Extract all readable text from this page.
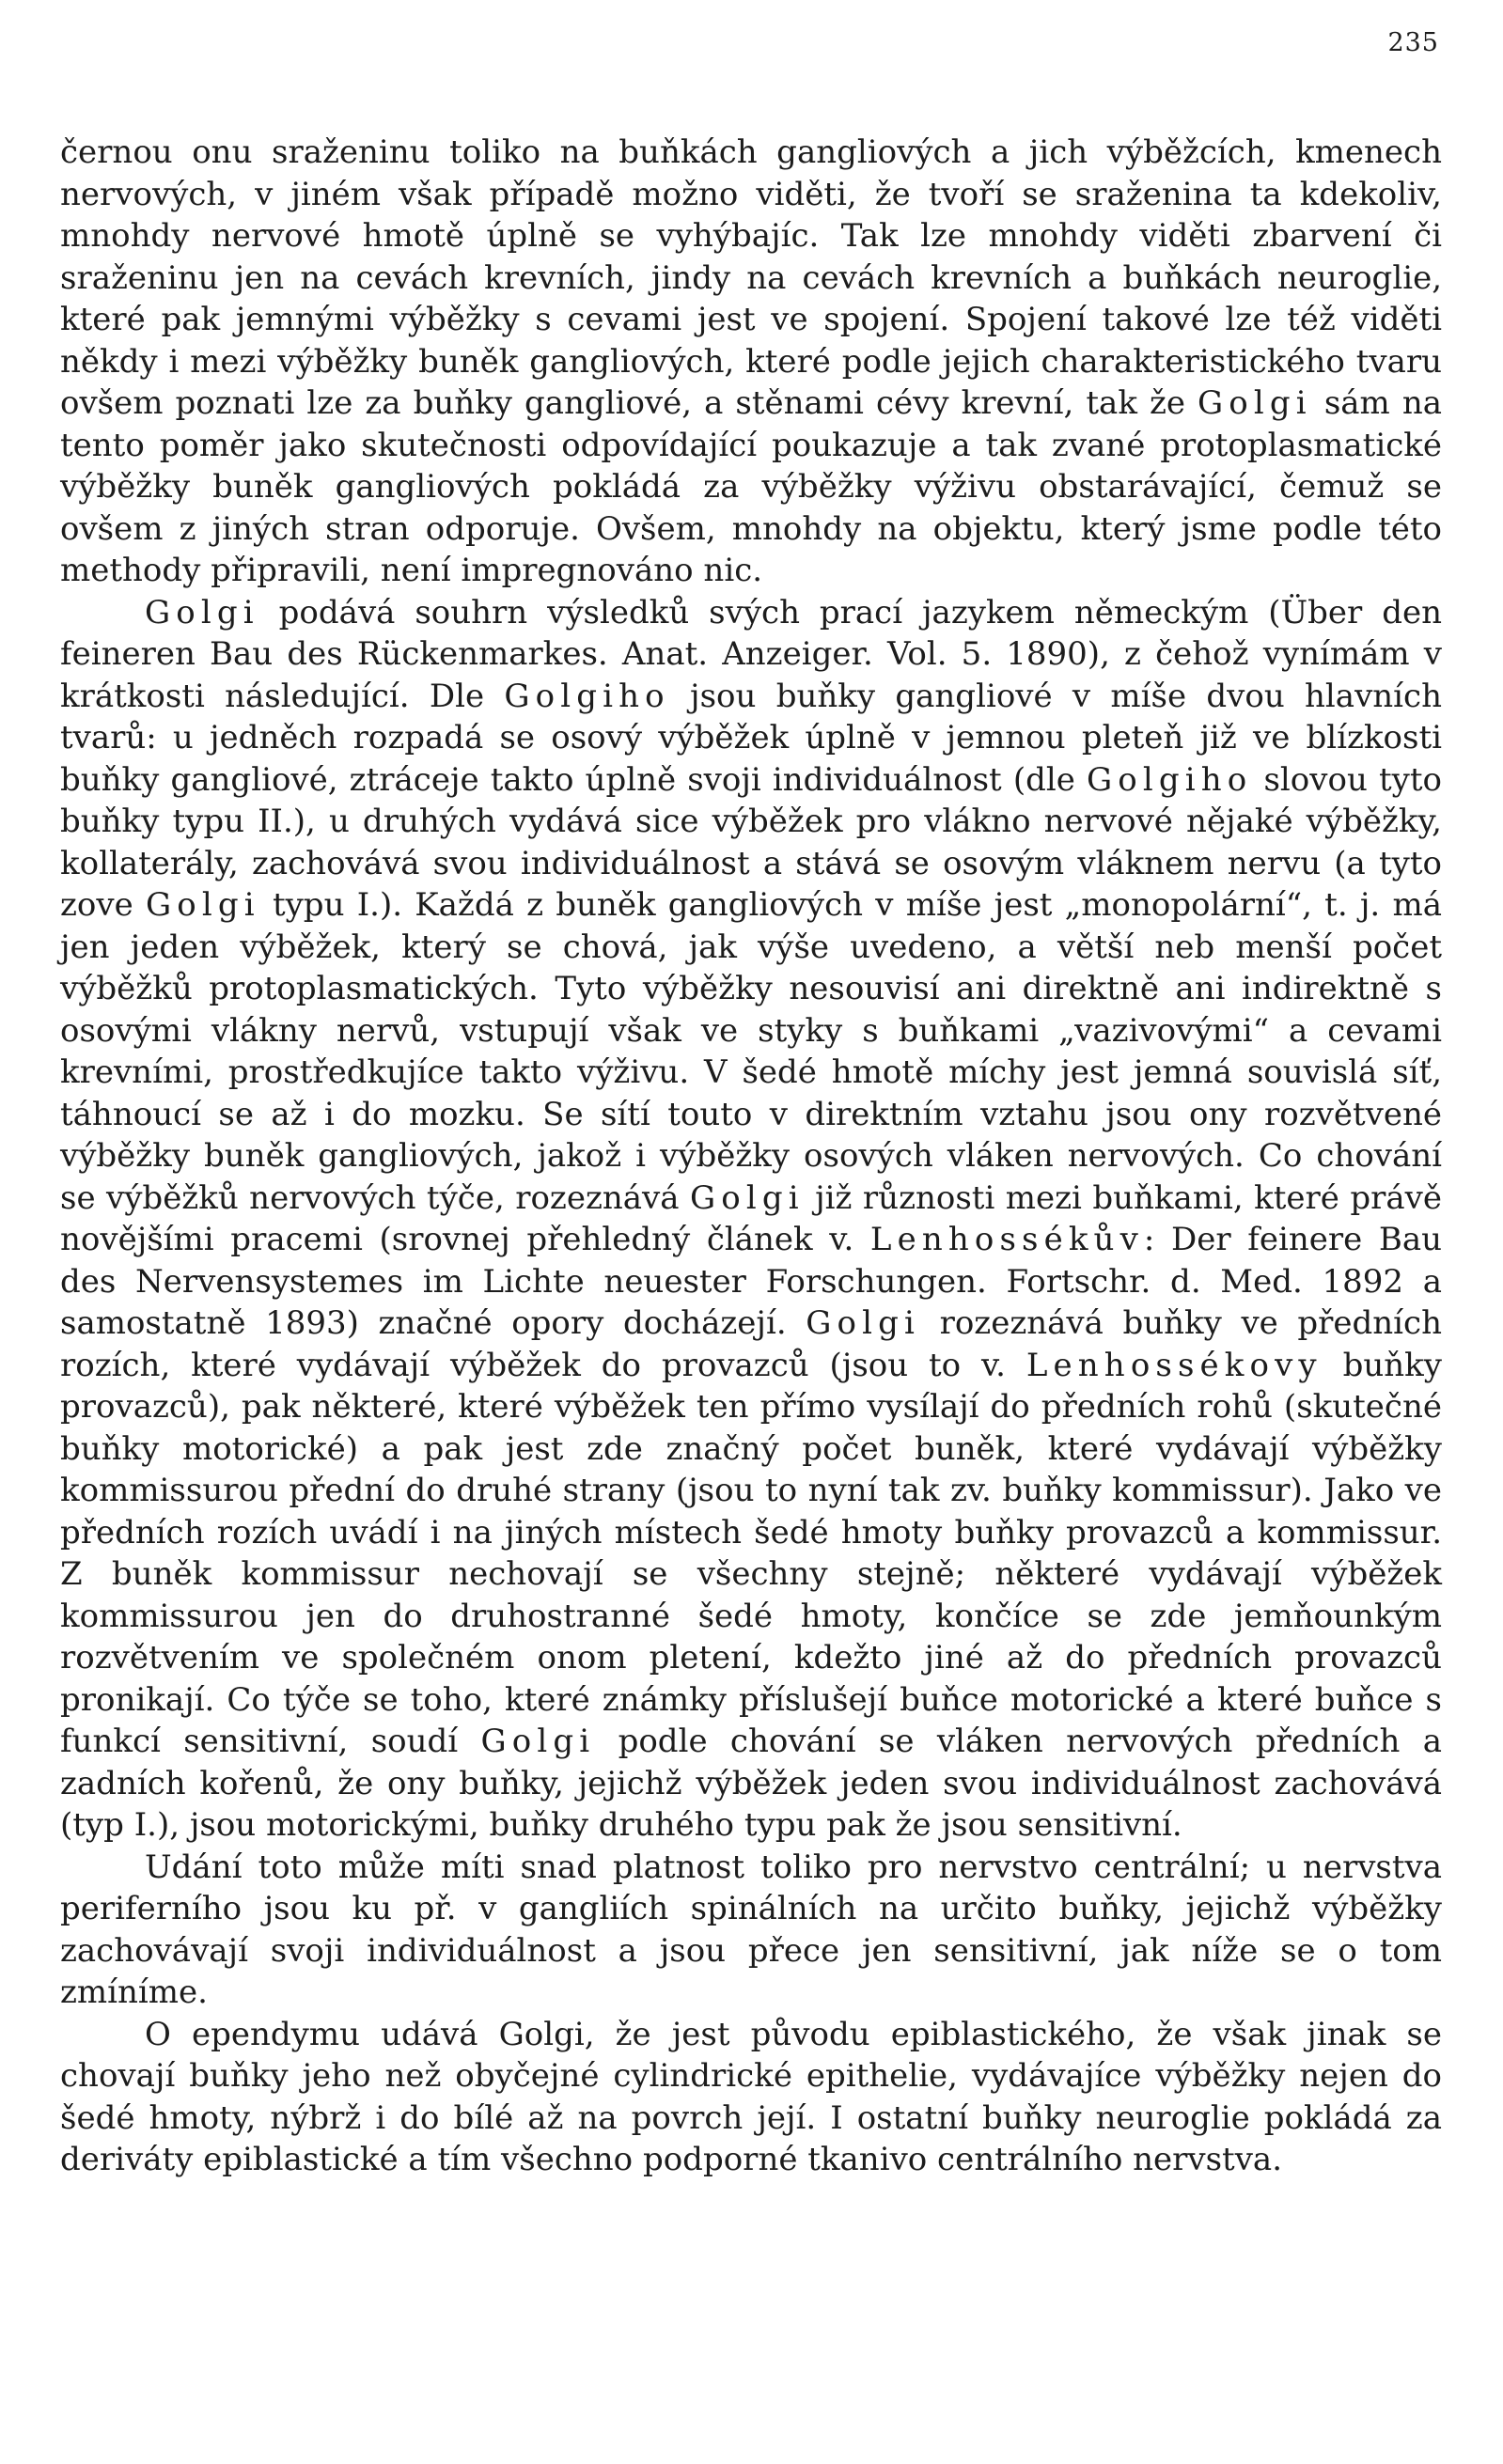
235

černou onu sraženinu toliko na buňkách gangliových a jich výběžcích, kmenech nervových, v jiném však případě možno viděti, že tvoří se sraženina ta kdekoliv, mnohdy nervové hmotě úplně se vyhýbajíc. Tak lze mnohdy viděti zbarvení či sraženinu jen na cevách krevních, jindy na cevách krevních a buňkách neuroglie, které pak jemnými výběžky s cevami jest ve spojení. Spojení takové lze též viděti někdy i mezi výběžky buněk gangliových, které podle jejich charakteristického tvaru ovšem poznati lze za buňky gangliové, a stěnami cévy krevní, tak že Golgi sám na tento poměr jako skutečnosti odpovídající poukazuje a tak zvané protoplasmatické výběžky buněk gangliových pokládá za výběžky výživu obstarávající, čemuž se ovšem z jiných stran odporuje. Ovšem, mnohdy na objektu, který jsme podle této methody připravili, není impregnováno nic.

Golgi podává souhrn výsledků svých prací jazykem německým (Über den feineren Bau des Rückenmarkes. Anat. Anzeiger. Vol. 5. 1890), z čehož vynímám v krátkosti následující. Dle Golgiho jsou buňky gangliové v míše dvou hlavních tvarů: u jedněch rozpadá se osový výběžek úplně v jemnou pleteň již ve blízkosti buňky gangliové, ztráceje takto úplně svoji individuálnost (dle Golgiho slovou tyto buňky typu II.), u druhých vydává sice výběžek pro vlákno nervové nějaké výběžky, kollaterály, zachovává svou individuálnost a stává se osovým vláknem nervu (a tyto zove Golgi typu I.). Každá z buněk gangliových v míše jest „monopolární“, t. j. má jen jeden výběžek, který se chová, jak výše uvedeno, a větší neb menší počet výběžků protoplasmatických. Tyto výběžky nesouvisí ani direktně ani indirektně s osovými vlákny nervů, vstupují však ve styky s buňkami „vazivovými“ a cevami krevními, prostředkujíce takto výživu. V šedé hmotě míchy jest jemná souvislá síť, táhnoucí se až i do mozku. Se sítí touto v direktním vztahu jsou ony rozvětvené výběžky buněk gangliových, jakož i výběžky osových vláken nervových. Co chování se výběžků nervových týče, rozeznává Golgi již různosti mezi buňkami, které právě novějšími pracemi (srovnej přehledný článek v. Lenhossékův: Der feinere Bau des Nervensystemes im Lichte neuester Forschungen. Fortschr. d. Med. 1892 a samostatně 1893) značné opory docházejí. Golgi rozeznává buňky ve předních rozích, které vydávají výběžek do provazců (jsou to v. Lenhossékovy buňky provazců), pak některé, které výběžek ten přímo vysílají do předních rohů (skutečné buňky motorické) a pak jest zde značný počet buněk, které vydávají výběžky kommissurou přední do druhé strany (jsou to nyní tak zv. buňky kommissur). Jako ve předních rozích uvádí i na jiných místech šedé hmoty buňky provazců a kommissur. Z buněk kommissur nechovají se všechny stejně; některé vydávají výběžek kommissurou jen do druhostranné šedé hmoty, končíce se zde jemňounkým rozvětvením ve společném onom pletení, kdežto jiné až do předních provazců pronikají. Co týče se toho, které známky příslušejí buňce motorické a které buňce s funkcí sensitivní, soudí Golgi podle chování se vláken nervových předních a zadních kořenů, že ony buňky, jejichž výběžek jeden svou individuálnost zachovává (typ I.), jsou motorickými, buňky druhého typu pak že jsou sensitivní.

Udání toto může míti snad platnost toliko pro nervstvo centrální; u nervstva periferního jsou ku př. v gangliích spinálních na určito buňky, jejichž výběžky zachovávají svoji individuálnost a jsou přece jen sensitivní, jak níže se o tom zmíníme.

O ependymu udává Golgi, že jest původu epiblastického, že však jinak se chovají buňky jeho než obyčejné cylindrické epithelie, vydávajíce výběžky nejen do šedé hmoty, nýbrž i do bílé až na povrch její. I ostatní buňky neuroglie pokládá za deriváty epiblastické a tím všechno podporné tkanivo centrálního nervstva.
